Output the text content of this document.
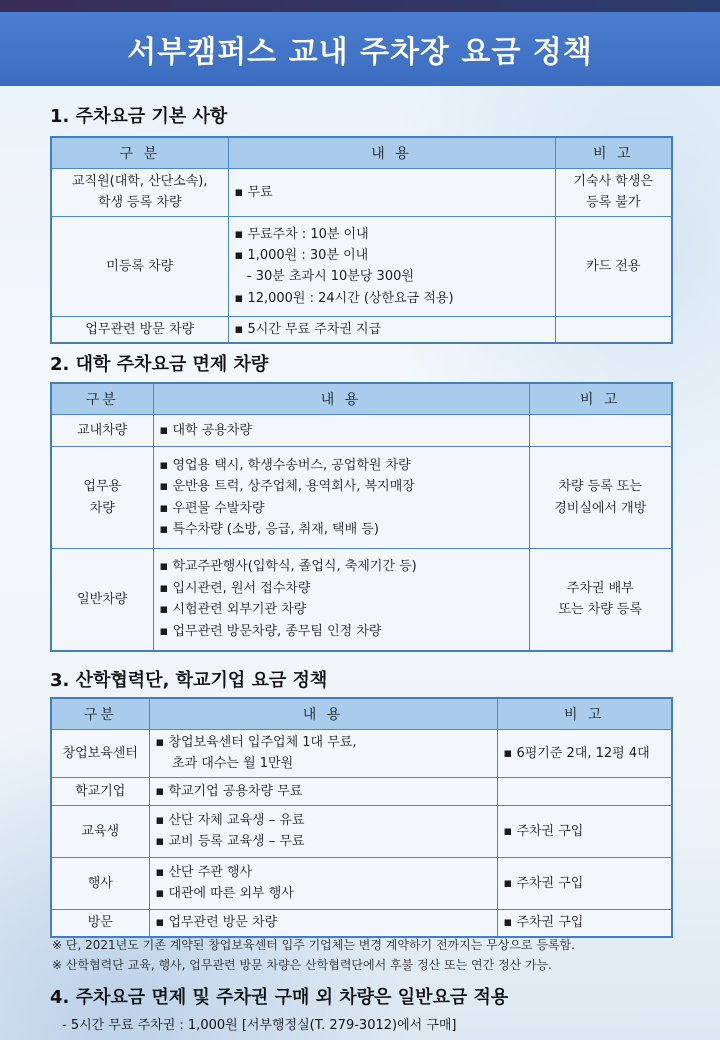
서부캠퍼스 교내 주차장 요금 정책
1. 주차요금 기본 사항
구 분	내 용	비 고

교직원(대학, 산단소속),
학생 등록 차량	▪ 무료	기숙사 학생은
등록 불가

미등록 차량	▪ 무료주차 : 10분 이내
▪ 1,000원 : 30분 이내
- 30분 초과시 10분당 300원
▪ 12,000원 : 24시간 (상한요금 적용)	카드 전용

업무관련 방문 차량	▪ 5시간 무료 주차권 지급	

2. 대학 주차요금 면제 차량
구분	내 용	비 고

교내차량	▪ 대학 공용차량	

업무용
차량	▪ 영업용 택시, 학생수송버스, 공업학원 차량
▪ 운반용 트럭, 상주업체, 용역회사, 복지매장
▪ 우편물 수발차량
▪ 특수차량 (소방, 응급, 취재, 택배 등)	차량 등록 또는
경비실에서 개방

일반차량	▪ 학교주관행사(입학식, 졸업식, 축제기간 등)
▪ 입시관련, 원서 접수차량
▪ 시험관련 외부기관 차량
▪ 업무관련 방문차량, 종무팀 인정 차량	주차권 배부
또는 차량 등록
3. 산학협력단, 학교기업 요금 정책
구분	내 용	비 고

창업보육센터	▪ 창업보육센터 입주업체 1대 무료,
초과 대수는 월 1만원	▪ 6평기준 2대, 12평 4대

학교기업	▪ 학교기업 공용차량 무료	

교육생	▪ 산단 자체 교육생 – 유료
▪ 교비 등록 교육생 – 무료	▪ 주차권 구입

행사	▪ 산단 주관 행사
▪ 대관에 따른 외부 행사	▪ 주차권 구입

방문	▪ 업무관련 방문 차량	▪ 주차권 구입
※ 단, 2021년도 기존 계약된 창업보육센터 입주 기업체는 변경 계약하기 전까지는 무상으로 등록함.
※ 산학협력단 교육, 행사, 업무관련 방문 차량은 산학협력단에서 후불 정산 또는 연간 정산 가능.
4. 주차요금 면제 및 주차권 구매 외 차량은 일반요금 적용
- 5시간 무료 주차권 : 1,000원 [서부행정실(T. 279-3012)에서 구매]
